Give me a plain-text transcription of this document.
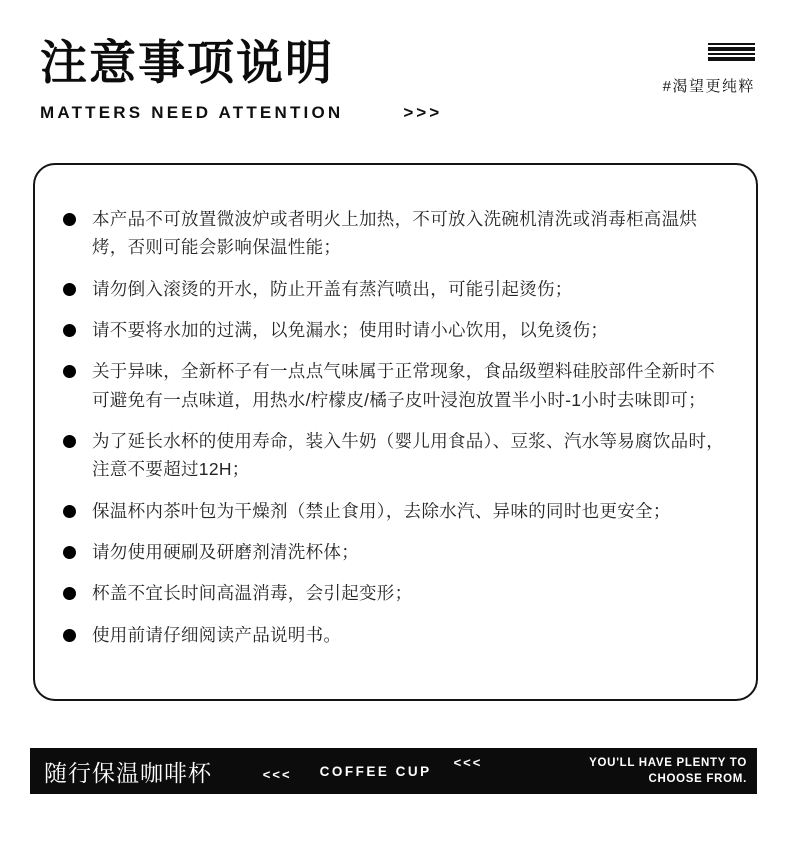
注意事项说明
MATTERS NEED ATTENTION	>>>
#渴望更纯粹
本产品不可放置微波炉或者明火上加热，不可放入洗碗机清洗或消毒柜高温烘烤，否则可能会影响保温性能；
请勿倒入滚烫的开水，防止开盖有蒸汽喷出，可能引起烫伤；
请不要将水加的过满，以免漏水；使用时请小心饮用，以免烫伤；
关于异味，全新杯子有一点点气味属于正常现象，食品级塑料硅胶部件全新时不可避免有一点味道，用热水/柠檬皮/橘子皮叶浸泡放置半小时-1小时去味即可；
为了延长水杯的使用寿命，装入牛奶（婴儿用食品）、豆浆、汽水等易腐饮品时，注意不要超过12H；
保温杯内茶叶包为干燥剂（禁止食用），去除水汽、异味的同时也更安全；
请勿使用硬刷及研磨剂清洗杯体；
杯盖不宜长时间高温消毒，会引起变形；
使用前请仔细阅读产品说明书。
随行保温咖啡杯	<<< COFFEE CUP
<<<	YOU'LL HAVE PLENTY TO
CHOOSE FROM.
